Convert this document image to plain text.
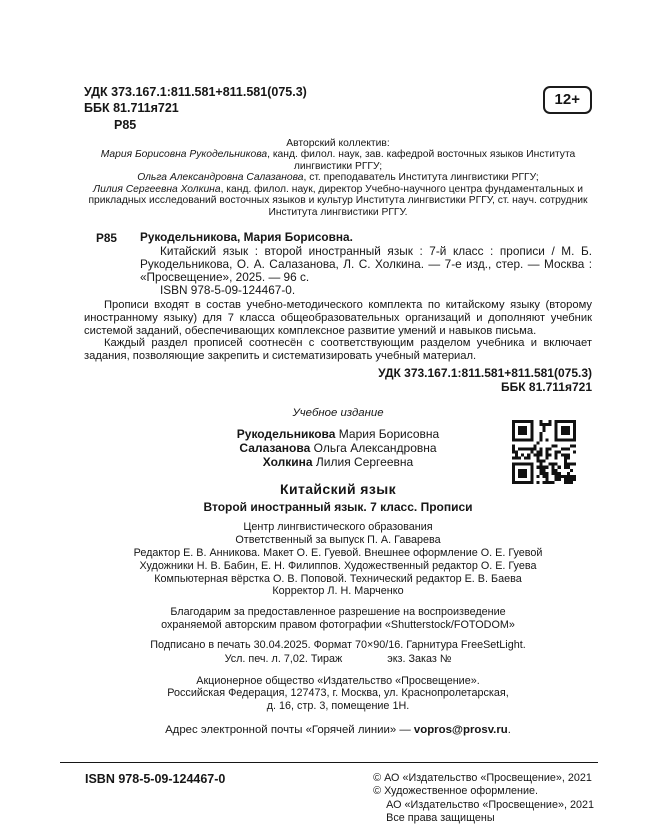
УДК 373.167.1:811.581+811.581(075.3)
ББК 81.711я721
Р85
12+
Авторский коллектив:
Мария Борисовна Рукодельникова, канд. филол. наук, зав. кафедрой восточных языков Института лингвистики РГГУ;
Ольга Александровна Салазанова, ст. преподаватель Института лингвистики РГГУ;
Лилия Сергеевна Холкина, канд. филол. наук, директор Учебно-научного центра фундаментальных и прикладных исследований восточных языков и культур Института лингвистики РГГУ, ст. науч. сотрудник Института лингвистики РГГУ.
Р85 Рукодельникова, Мария Борисовна.
Китайский язык : второй иностранный язык : 7-й класс : прописи / М. Б. Рукодельникова, О. А. Салазанова, Л. С. Холкина. — 7-е изд., стер. — Москва : «Просвещение», 2025. — 96 с.
ISBN 978-5-09-124467-0.

Прописи входят в состав учебно-методического комплекта по китайскому языку (второму иностранному языку) для 7 класса общеобразовательных организаций и дополняют учебник системой заданий, обеспечивающих комплексное развитие умений и навыков письма.

Каждый раздел прописей соотнесён с соответствующим разделом учебника и включает задания, позволяющие закрепить и систематизировать учебный материал.

УДК 373.167.1:811.581+811.581(075.3)
ББК 81.711я721
Учебное издание
Рукодельникова Мария Борисовна
Салазанова Ольга Александровна
Холкина Лилия Сергеевна
Китайский язык
Второй иностранный язык. 7 класс. Прописи
Центр лингвистического образования
Ответственный за выпуск П. А. Гаварева
Редактор Е. В. Анникова. Макет О. Е. Гуевой. Внешнее оформление О. Е. Гуевой
Художники Н. В. Бабин, Е. Н. Филиппов. Художественный редактор О. Е. Гуева
Компьютерная вёрстка О. В. Поповой. Технический редактор Е. В. Баева
Корректор Л. Н. Марченко
Благодарим за предоставленное разрешение на воспроизведение охраняемой авторским правом фотографии «Shutterstock/FOTODOM»
Подписано в печать 30.04.2025. Формат 70×90/16. Гарнитура FreeSetLight.
Усл. печ. л. 7,02. Тираж               экз. Заказ №
Акционерное общество «Издательство «Просвещение».
Российская Федерация, 127473, г. Москва, ул. Краснопролетарская,
д. 16, стр. 3, помещение 1Н.
Адрес электронной почты «Горячей линии» — vopros@prosv.ru.
ISBN 978-5-09-124467-0	© АО «Издательство «Просвещение», 2021
© Художественное оформление.
АО «Издательство «Просвещение», 2021
Все права защищены
